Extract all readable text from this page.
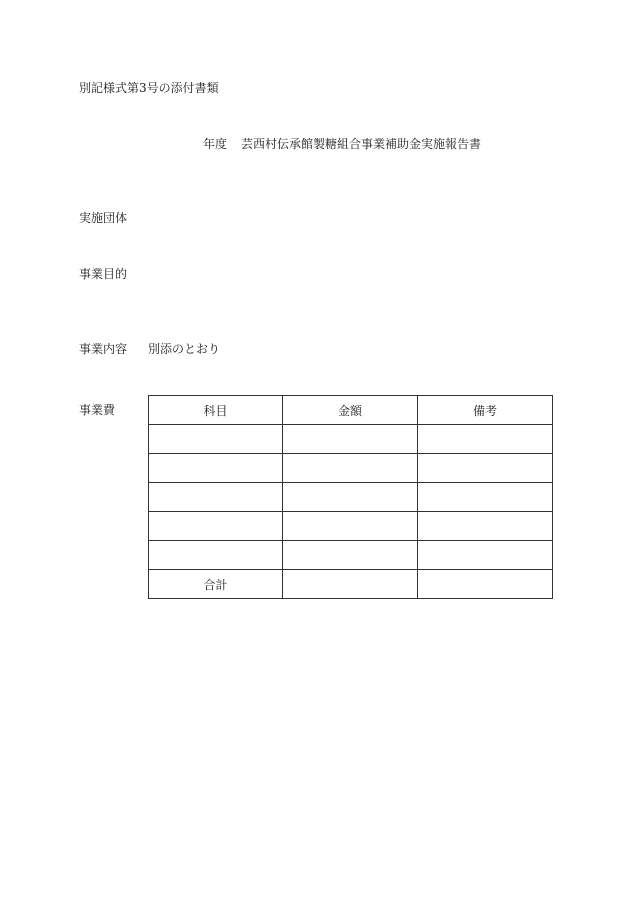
別記様式第3号の添付書類
年度 芸西村伝承館製糖組合事業補助金実施報告書
実施団体
事業目的
事業内容 別添のとおり
事業費	科目	金額	備考

合計		
